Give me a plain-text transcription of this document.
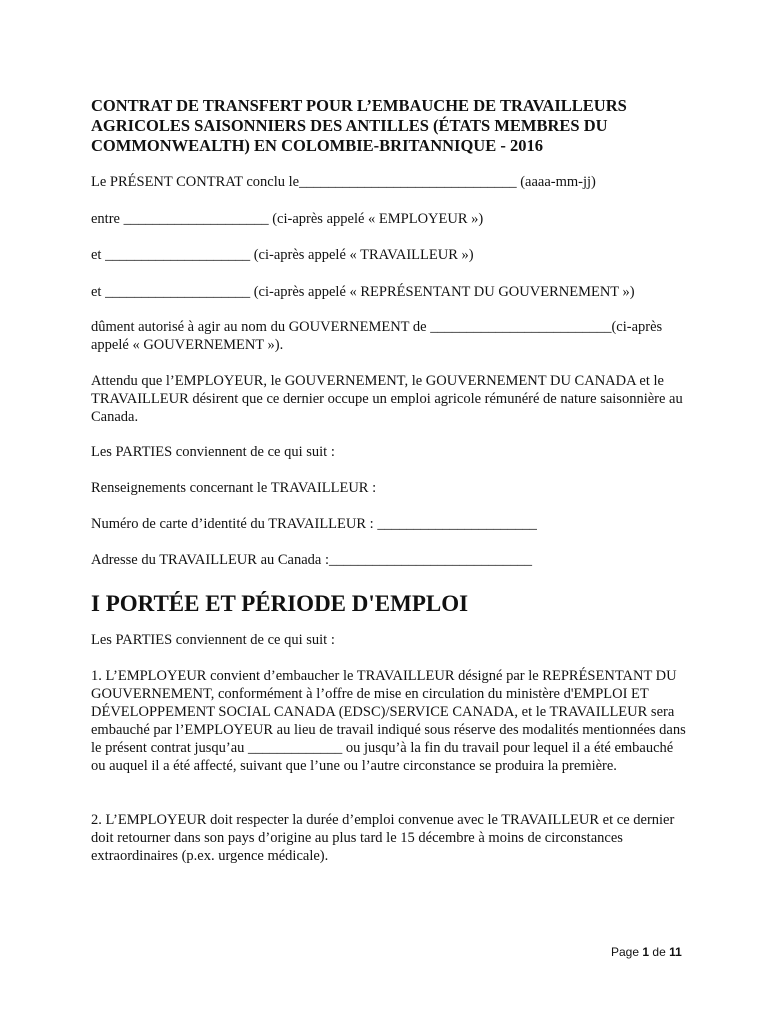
CONTRAT DE TRANSFERT POUR L’EMBAUCHE DE TRAVAILLEURS AGRICOLES SAISONNIERS DES ANTILLES (ÉTATS MEMBRES DU COMMONWEALTH) EN COLOMBIE-BRITANNIQUE - 2016

Le PRÉSENT CONTRAT conclu le______________________________ (aaaa-mm-jj)

entre ____________________ (ci-après appelé « EMPLOYEUR »)

et ____________________ (ci-après appelé « TRAVAILLEUR »)

et ____________________ (ci-après appelé « REPRÉSENTANT DU GOUVERNEMENT »)

dûment autorisé à agir au nom du GOUVERNEMENT de _________________________(ci-après appelé « GOUVERNEMENT »).

Attendu que l’EMPLOYEUR, le GOUVERNEMENT, le GOUVERNEMENT DU CANADA et le TRAVAILLEUR désirent que ce dernier occupe un emploi agricole rémunéré de nature saisonnière au Canada.

Les PARTIES conviennent de ce qui suit :

Renseignements concernant le TRAVAILLEUR :

Numéro de carte d’identité du TRAVAILLEUR : ______________________

Adresse du TRAVAILLEUR au Canada :____________________________

I PORTÉE ET PÉRIODE D'EMPLOI

Les PARTIES conviennent de ce qui suit :

1. L’EMPLOYEUR convient d’embaucher le TRAVAILLEUR désigné par le REPRÉSENTANT DU GOUVERNEMENT, conformément à l’offre de mise en circulation du ministère d'EMPLOI ET DÉVELOPPEMENT SOCIAL CANADA (EDSC)/SERVICE CANADA, et le TRAVAILLEUR sera embauché par l’EMPLOYEUR au lieu de travail indiqué sous réserve des modalités mentionnées dans le présent contrat jusqu’au _____________ ou jusqu’à la fin du travail pour lequel il a été embauché ou auquel il a été affecté, suivant que l’une ou l’autre circonstance se produira la première.

2. L’EMPLOYEUR doit respecter la durée d’emploi convenue avec le TRAVAILLEUR et ce dernier doit retourner dans son pays d’origine au plus tard le 15 décembre à moins de circonstances extraordinaires (p.ex. urgence médicale).

Page 1 de 11
